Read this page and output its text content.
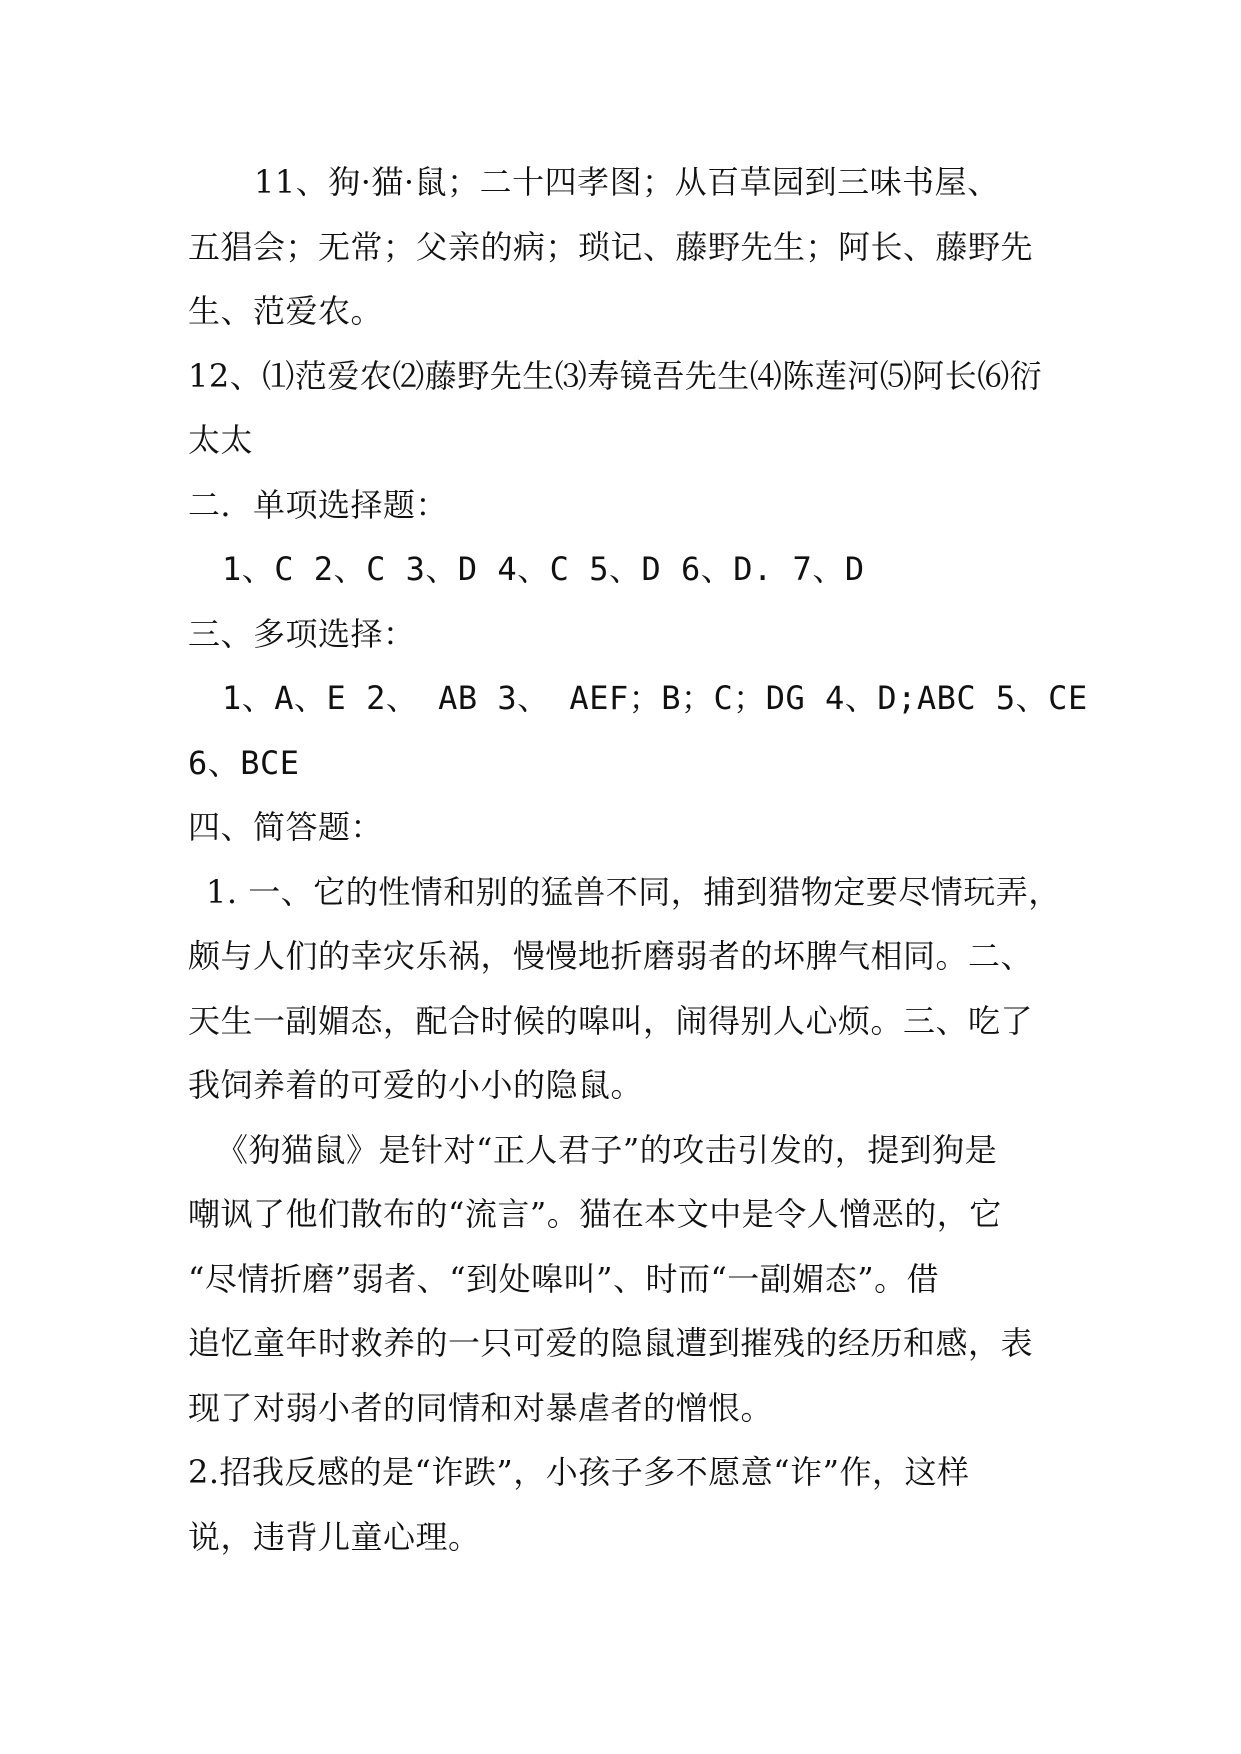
11、狗·猫·鼠；二十四孝图；从百草园到三味书屋、
五猖会；无常；父亲的病；琐记、藤野先生；阿长、藤野先
生、范爱农。
12、⑴范爱农⑵藤野先生⑶寿镜吾先生⑷陈莲河⑸阿长⑹衍
太太
二．单项选择题：
1、C 2、C 3、D 4、C 5、D 6、D. 7、D
三、多项选择：
1、A、E 2、 AB 3、 AEF；B；C；DG 4、D;ABC 5、CE
6、BCE
四、简答题：
1. 一、它的性情和别的猛兽不同，捕到猎物定要尽情玩弄，
颇与人们的幸灾乐祸，慢慢地折磨弱者的坏脾气相同。二、
天生一副媚态，配合时候的嗥叫，闹得别人心烦。三、吃了
我饲养着的可爱的小小的隐鼠。
《狗猫鼠》是针对“正人君子”的攻击引发的，提到狗是
嘲讽了他们散布的“流言”。猫在本文中是令人憎恶的，它
“尽情折磨”弱者、“到处嗥叫”、时而“一副媚态”。借
追忆童年时救养的一只可爱的隐鼠遭到摧残的经历和感，表
现了对弱小者的同情和对暴虐者的憎恨。
2.招我反感的是“诈跌”，小孩子多不愿意“诈”作，这样
说，违背儿童心理。
